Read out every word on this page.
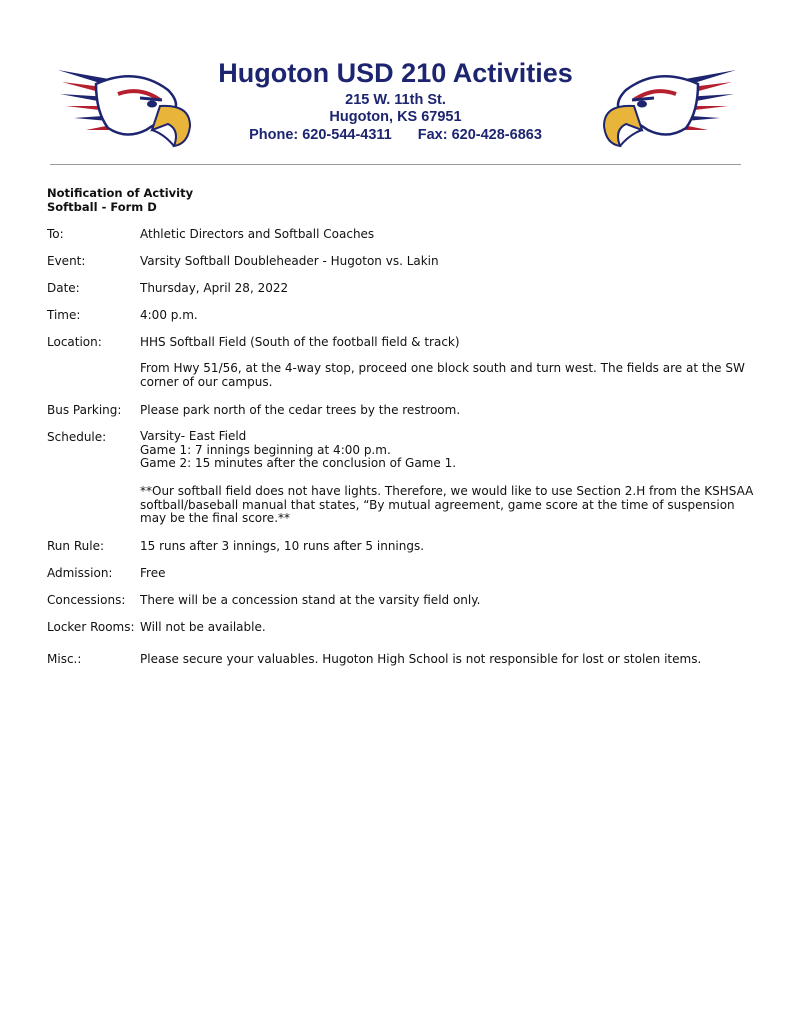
Hugoton USD 210 Activities
215 W. 11th St.
Hugoton, KS 67951
Phone: 620-544-4311 Fax: 620-428-6863
Notification of Activity
Softball - Form D
To:	Athletic Directors and Softball Coaches
Event:	Varsity Softball Doubleheader - Hugoton vs. Lakin
Date:	Thursday, April 28, 2022
Time:	4:00 p.m.
Location:	HHS Softball Field (South of the football field & track)
From Hwy 51/56, at the 4-way stop, proceed one block south and turn west. The fields are at the SW
corner of our campus.
Bus Parking: Please park north of the cedar trees by the restroom.
Schedule:	Varsity- East Field
Game 1: 7 innings beginning at 4:00 p.m.
Game 2: 15 minutes after the conclusion of Game 1.
**Our softball field does not have lights. Therefore, we would like to use Section 2.H from the KSHSAA
softball/baseball manual that states, “By mutual agreement, game score at the time of suspension
may be the final score.**
Run Rule:	15 runs after 3 innings, 10 runs after 5 innings.
Admission: Free
Concessions: There will be a concession stand at the varsity field only.
Locker Rooms: Will not be available.
Misc.:	Please secure your valuables. Hugoton High School is not responsible for lost or stolen items.
